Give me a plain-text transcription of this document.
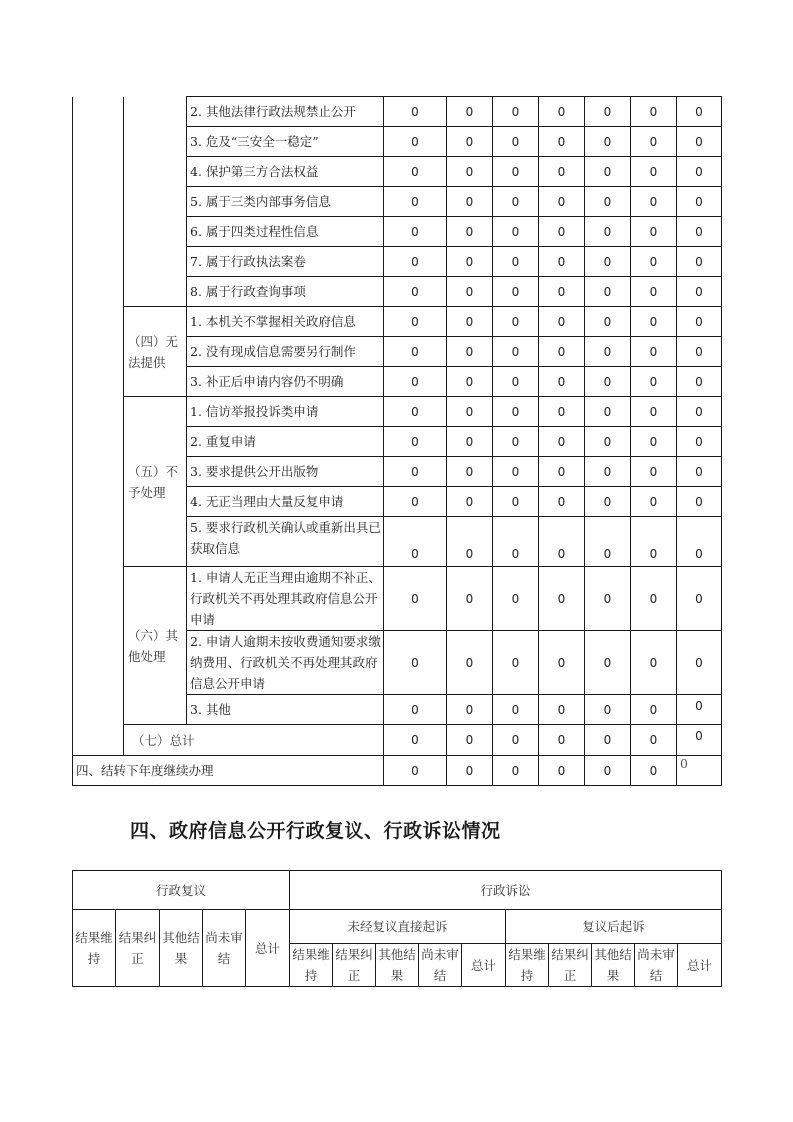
		2. 其他法律行政法规禁止公开	0	0	0	0	0	0	0
		3. 危及“三安全一稳定”	0	0	0	0	0	0	0
		4. 保护第三方合法权益	0	0	0	0	0	0	0
		5. 属于三类内部事务信息	0	0	0	0	0	0	0
		6. 属于四类过程性信息	0	0	0	0	0	0	0
		7. 属于行政执法案卷	0	0	0	0	0	0	0
		8. 属于行政查询事项	0	0	0	0	0	0	0
	（四）无法提供	1. 本机关不掌握相关政府信息	0	0	0	0	0	0	0
		2. 没有现成信息需要另行制作	0	0	0	0	0	0	0
		3. 补正后申请内容仍不明确	0	0	0	0	0	0	0
	（五）不予处理	1. 信访举报投诉类申请	0	0	0	0	0	0	0
		2. 重复申请	0	0	0	0	0	0	0
		3. 要求提供公开出版物	0	0	0	0	0	0	0
		4. 无正当理由大量反复申请	0	0	0	0	0	0	0
		5. 要求行政机关确认或重新出具已获取信息	0	0	0	0	0	0	0
	（六）其他处理	1. 申请人无正当理由逾期不补正、行政机关不再处理其政府信息公开申请	0	0	0	0	0	0	0
		2. 申请人逾期未按收费通知要求缴纳费用、行政机关不再处理其政府信息公开申请	0	0	0	0	0	0	0
		3. 其他	0	0	0	0	0	0	0
	（七）总计		0	0	0	0	0	0	0
四、结转下年度继续办理			0	0	0	0	0	0	0
四、政府信息公开行政复议、行政诉讼情况
行政复议					行政诉讼									
结果维持	结果纠正	其他结果	尚未审结	总计	未经复议直接起诉					复议后起诉				
					结果维持	结果纠正	其他结果	尚未审结	总计	结果维持	结果纠正	其他结果	尚未审结	总计
